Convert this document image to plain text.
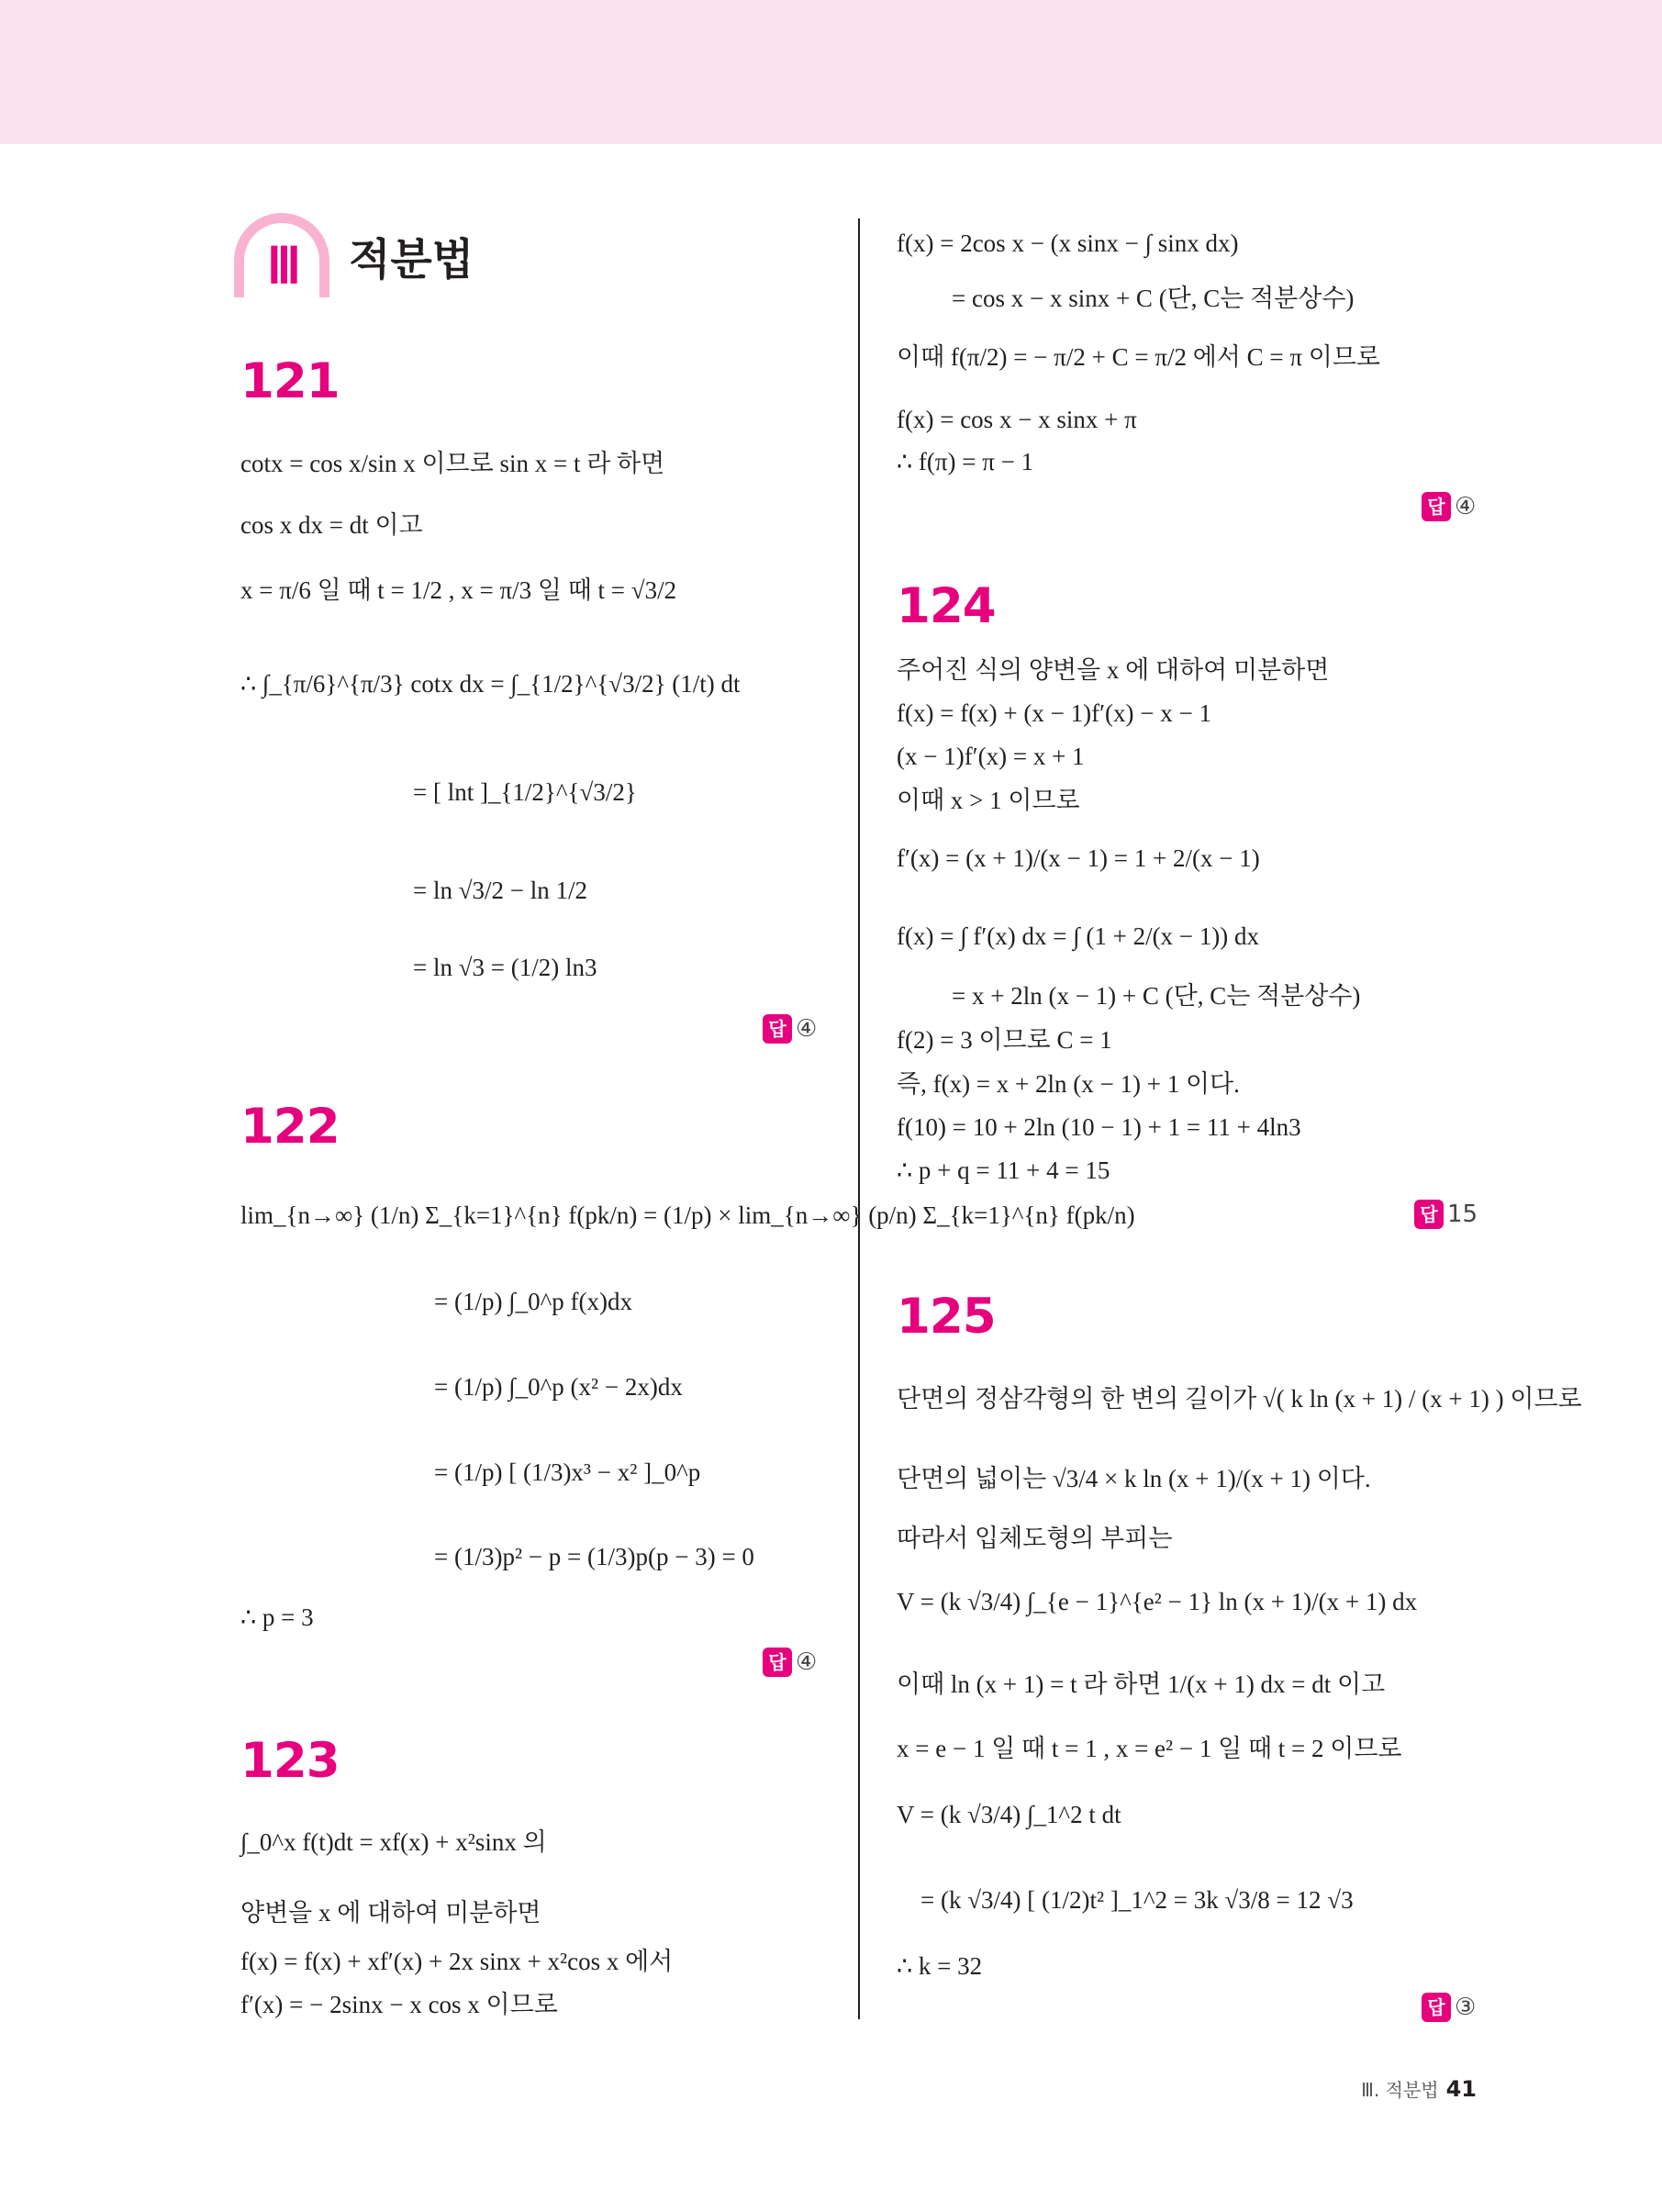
Ⅲ 적분법
121
cotx = cos x/sin x 이므로 sin x = t 라 하면
cos x dx = dt 이고
x = π/6 일 때 t = 1/2 , x = π/3 일 때 t = √3/2
∴ ∫_{π/6}^{π/3} cotx dx = ∫_{1/2}^{√3/2} (1/t) dt
= [ lnt ]_{1/2}^{√3/2}
= ln √3/2 − ln 1/2
= ln √3 = (1/2) ln3
답 ④
122
lim_{n→∞} (1/n) Σ_{k=1}^{n} f(pk/n) = (1/p) × lim_{n→∞} (p/n) Σ_{k=1}^{n} f(pk/n)
= (1/p) ∫_0^p f(x)dx
= (1/p) ∫_0^p (x² − 2x)dx
= (1/p) [ (1/3)x³ − x² ]_0^p
= (1/3)p² − p = (1/3)p(p − 3) = 0
∴ p = 3
답 ④
123
∫_0^x f(t)dt = xf(x) + x²sinx 의
양변을 x 에 대하여 미분하면
f(x) = f(x) + xf′(x) + 2x sinx + x²cos x 에서
f′(x) = − 2sinx − x cos x 이므로
f(x) = 2cos x − (x sinx − ∫ sinx dx)
= cos x − x sinx + C (단, C는 적분상수)
이때 f(π/2) = − π/2 + C = π/2 에서 C = π 이므로
f(x) = cos x − x sinx + π
∴ f(π) = π − 1
답 ④
124
주어진 식의 양변을 x 에 대하여 미분하면
f(x) = f(x) + (x − 1)f′(x) − x − 1
(x − 1)f′(x) = x + 1
이때 x > 1 이므로
f′(x) = (x + 1)/(x − 1) = 1 + 2/(x − 1)
f(x) = ∫ f′(x) dx = ∫ (1 + 2/(x − 1)) dx
= x + 2ln (x − 1) + C (단, C는 적분상수)
f(2) = 3 이므로 C = 1
즉, f(x) = x + 2ln (x − 1) + 1 이다.
f(10) = 10 + 2ln (10 − 1) + 1 = 11 + 4ln3
∴ p + q = 11 + 4 = 15
답 15
125
단면의 정삼각형의 한 변의 길이가 √( k ln (x + 1) / (x + 1) ) 이므로
단면의 넓이는 √3/4 × k ln (x + 1)/(x + 1) 이다.
따라서 입체도형의 부피는
V = (k √3/4) ∫_{e − 1}^{e² − 1} ln (x + 1)/(x + 1) dx
이때 ln (x + 1) = t 라 하면 1/(x + 1) dx = dt 이고
x = e − 1 일 때 t = 1 , x = e² − 1 일 때 t = 2 이므로
V = (k √3/4) ∫_1^2 t dt
= (k √3/4) [ (1/2)t² ]_1^2 = 3k √3/8 = 12 √3
∴ k = 32
답 ③
Ⅲ. 적분법 41
